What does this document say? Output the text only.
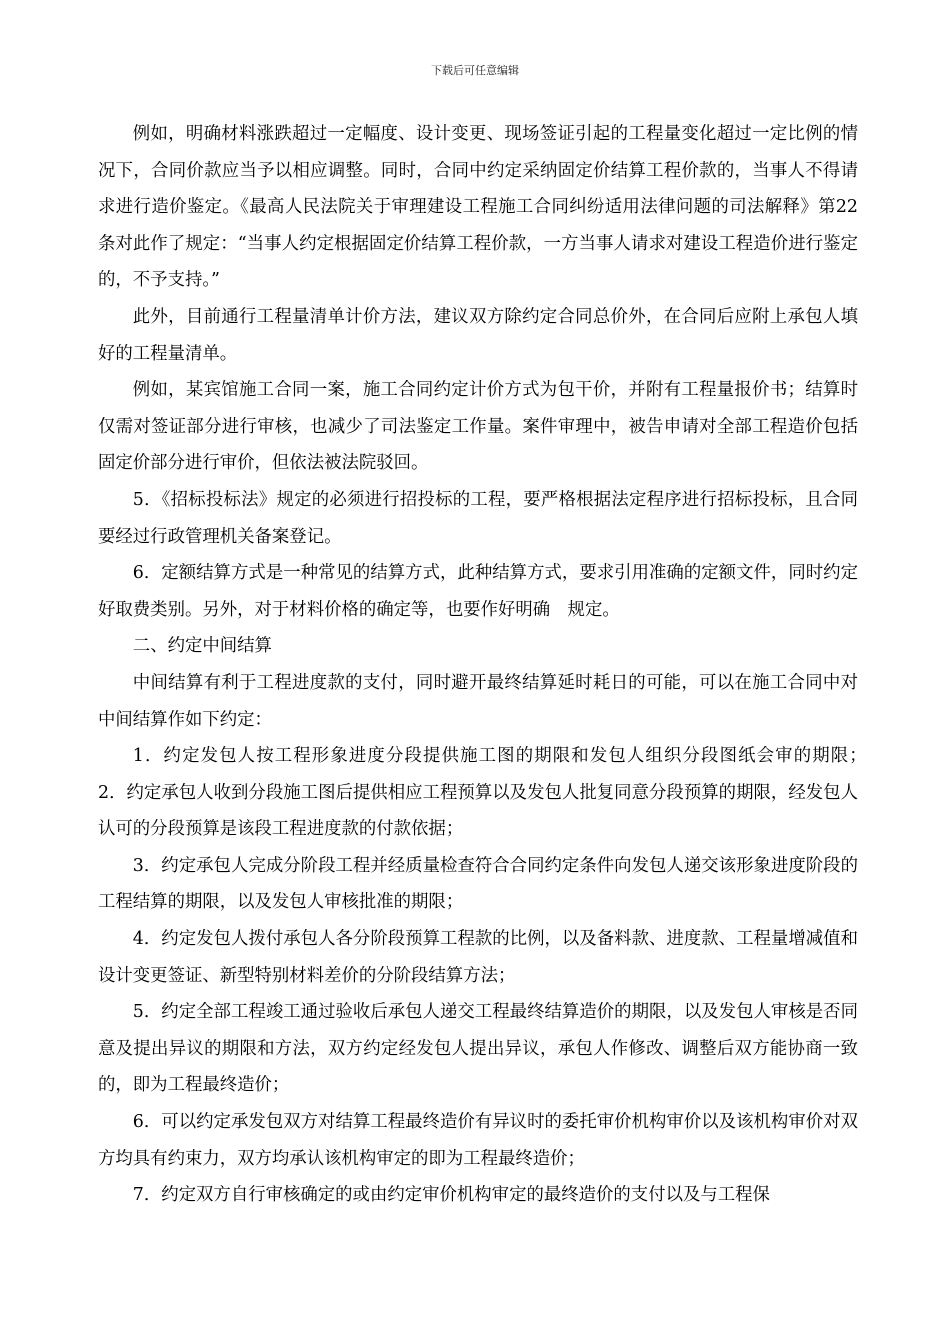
下载后可任意编辑

例如，明确材料涨跌超过一定幅度、设计变更、现场签证引起的工程量变化超过一定比例的情况下，合同价款应当予以相应调整。同时，合同中约定采纳固定价结算工程价款的，当事人不得请求进行造价鉴定。《最高人民法院关于审理建设工程施工合同纠纷适用法律问题的司法解释》第22条对此作了规定：“当事人约定根据固定价结算工程价款，一方当事人请求对建设工程造价进行鉴定的，不予支持。”

此外，目前通行工程量清单计价方法，建议双方除约定合同总价外，在合同后应附上承包人填好的工程量清单。

例如，某宾馆施工合同一案，施工合同约定计价方式为包干价，并附有工程量报价书；结算时仅需对签证部分进行审核，也减少了司法鉴定工作量。案件审理中，被告申请对全部工程造价包括固定价部分进行审价，但依法被法院驳回。

5．《招标投标法》规定的必须进行招投标的工程，要严格根据法定程序进行招标投标，且合同要经过行政管理机关备案登记。

6．定额结算方式是一种常见的结算方式，此种结算方式，要求引用准确的定额文件，同时约定好取费类别。另外，对于材料价格的确定等，也要作好明确　规定。

二、约定中间结算

中间结算有利于工程进度款的支付，同时避开最终结算延时耗日的可能，可以在施工合同中对中间结算作如下约定：

1．约定发包人按工程形象进度分段提供施工图的期限和发包人组织分段图纸会审的期限；　　2．约定承包人收到分段施工图后提供相应工程预算以及发包人批复同意分段预算的期限，经发包人认可的分段预算是该段工程进度款的付款依据；

3．约定承包人完成分阶段工程并经质量检查符合合同约定条件向发包人递交该形象进度阶段的工程结算的期限，以及发包人审核批准的期限；

4．约定发包人拨付承包人各分阶段预算工程款的比例，以及备料款、进度款、工程量增减值和设计变更签证、新型特别材料差价的分阶段结算方法；

5．约定全部工程竣工通过验收后承包人递交工程最终结算造价的期限，以及发包人审核是否同意及提出异议的期限和方法，双方约定经发包人提出异议，承包人作修改、调整后双方能协商一致的，即为工程最终造价；

6．可以约定承发包双方对结算工程最终造价有异议时的委托审价机构审价以及该机构审价对双方均具有约束力，双方均承认该机构审定的即为工程最终造价；

7．约定双方自行审核确定的或由约定审价机构审定的最终造价的支付以及与工程保
